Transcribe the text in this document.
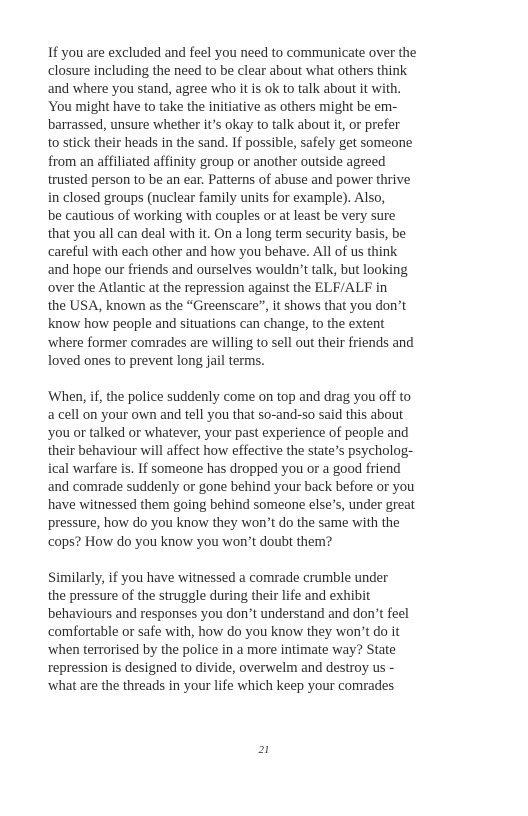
If you are excluded and feel you need to communicate over the
closure including the need to be clear about what others think
and where you stand, agree who it is ok to talk about it with.
You might have to take the initiative as others might be em-
barrassed, unsure whether it’s okay to talk about it, or prefer
to stick their heads in the sand. If possible, safely get someone
from an affiliated affinity group or another outside agreed
trusted person to be an ear. Patterns of abuse and power thrive
in closed groups (nuclear family units for example). Also,
be cautious of working with couples or at least be very sure
that you all can deal with it. On a long term security basis, be
careful with each other and how you behave. All of us think
and hope our friends and ourselves wouldn’t talk, but looking
over the Atlantic at the repression against the ELF/ALF in
the USA, known as the “Greenscare”, it shows that you don’t
know how people and situations can change, to the extent
where former comrades are willing to sell out their friends and
loved ones to prevent long jail terms.
When, if, the police suddenly come on top and drag you off to
a cell on your own and tell you that so-and-so said this about
you or talked or whatever, your past experience of people and
their behaviour will affect how effective the state’s psycholog-
ical warfare is. If someone has dropped you or a good friend
and comrade suddenly or gone behind your back before or you
have witnessed them going behind someone else’s, under great
pressure, how do you know they won’t do the same with the
cops? How do you know you won’t doubt them?
Similarly, if you have witnessed a comrade crumble under
the pressure of the struggle during their life and exhibit
behaviours and responses you don’t understand and don’t feel
comfortable or safe with, how do you know they won’t do it
when terrorised by the police in a more intimate way? State
repression is designed to divide, overwelm and destroy us -
what are the threads in your life which keep your comrades
21
